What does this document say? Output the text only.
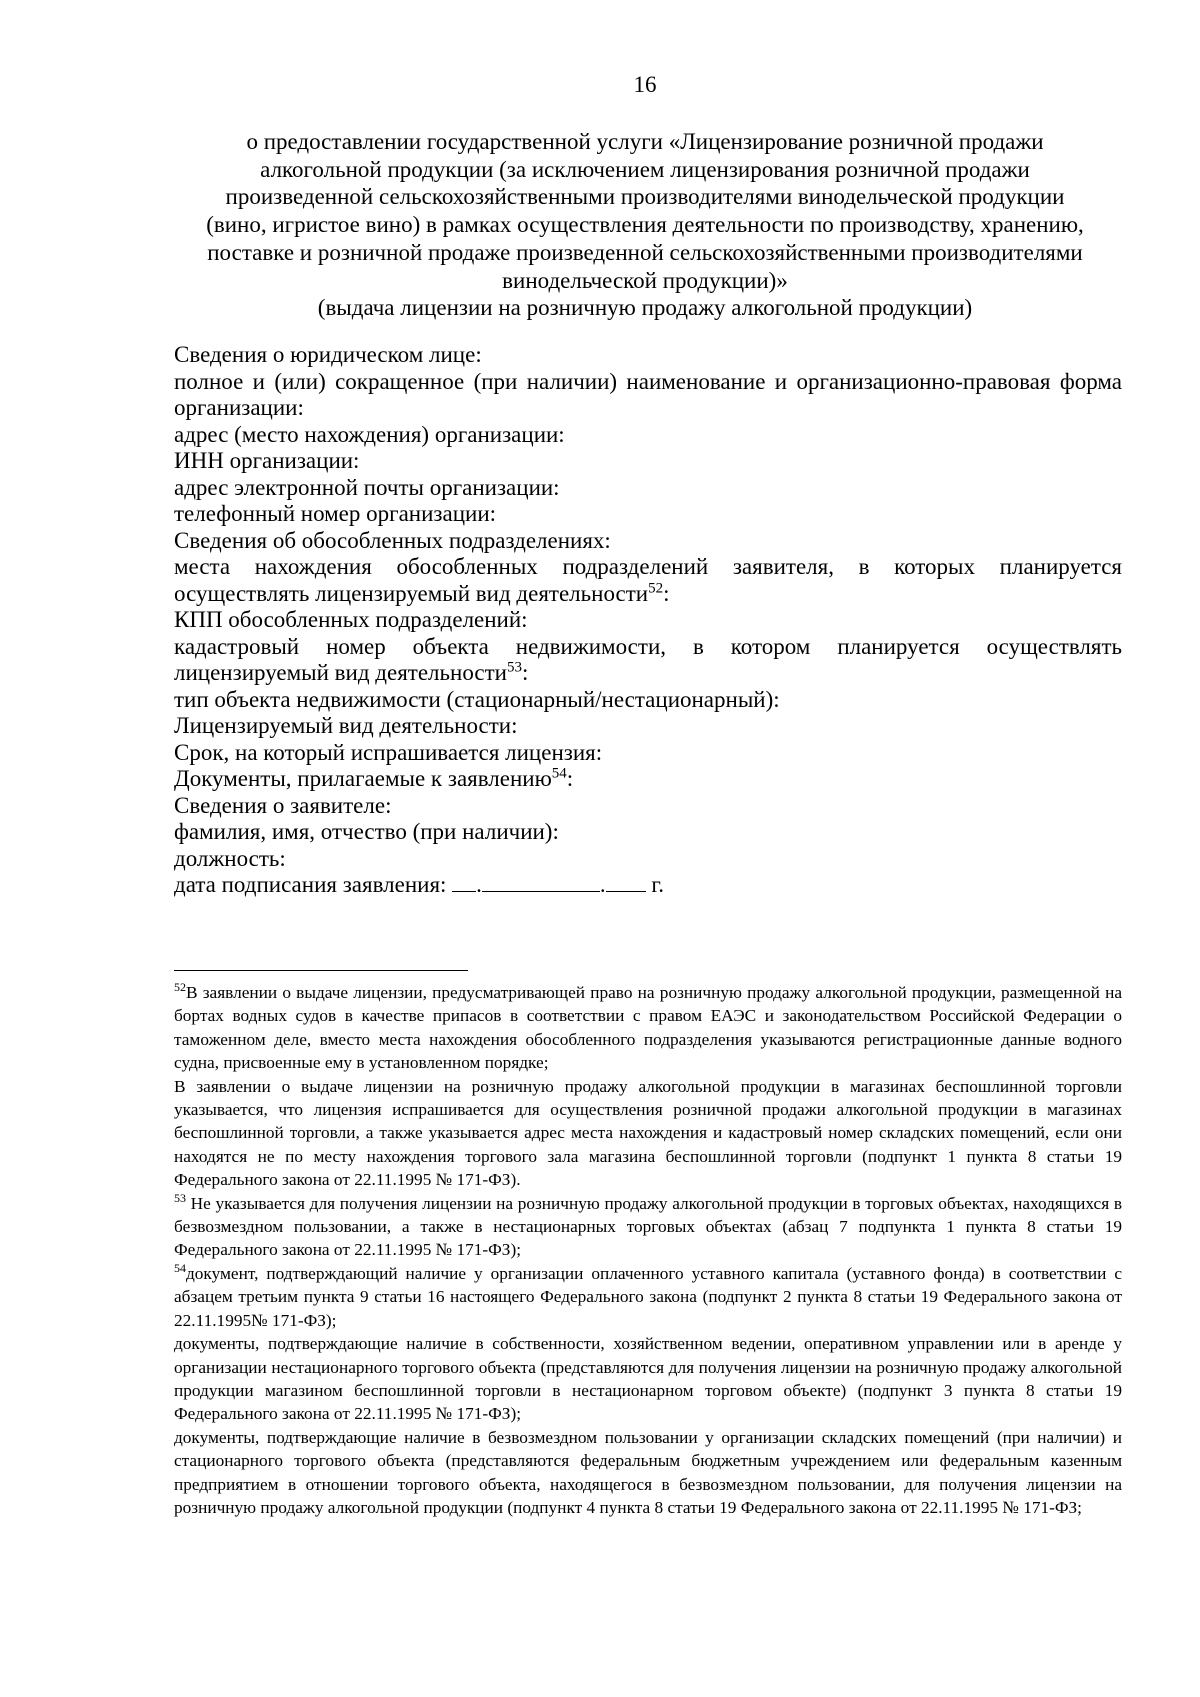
16
о предоставлении государственной услуги «Лицензирование розничной продажи
алкогольной продукции (за исключением лицензирования розничной продажи
произведенной сельскохозяйственными производителями винодельческой продукции
(вино, игристое вино) в рамках осуществления деятельности по производству, хранению,
поставке и розничной продаже произведенной сельскохозяйственными производителями
винодельческой продукции)»
(выдача лицензии на розничную продажу алкогольной продукции)
Сведения о юридическом лице:
полное и (или) сокращенное (при наличии) наименование и организационно-правовая форма организации:
адрес (место нахождения) организации:
ИНН организации:
адрес электронной почты организации:
телефонный номер организации:
Сведения об обособленных подразделениях:
места нахождения обособленных подразделений заявителя, в которых планируется осуществлять лицензируемый вид деятельности$^{52}$:
КПП обособленных подразделений:
кадастровый номер объекта недвижимости, в котором планируется осуществлять лицензируемый вид деятельности$^{53}$:
тип объекта недвижимости (стационарный/нестационарный):
Лицензируемый вид деятельности:
Срок, на который испрашивается лицензия:
Документы, прилагаемые к заявлению$^{54}$:
Сведения о заявителе:
фамилия, имя, отчество (при наличии):
должность:
дата подписания заявления: .	. г.

$^{52}$В заявлении о выдаче лицензии, предусматривающей право на розничную продажу алкогольной продукции, размещенной на бортах водных судов в качестве припасов в соответствии с правом ЕАЭС и законодательством Российской Федерации о таможенном деле, вместо места нахождения обособленного подразделения указываются регистрационные данные водного судна, присвоенные ему в установленном порядке;

В заявлении о выдаче лицензии на розничную продажу алкогольной продукции в магазинах беспошлинной торговли указывается, что лицензия испрашивается для осуществления розничной продажи алкогольной продукции в магазинах беспошлинной торговли, а также указывается адрес места нахождения и кадастровый номер складских помещений, если они находятся не по месту нахождения торгового зала магазина беспошлинной торговли (подпункт 1 пункта 8 статьи 19 Федерального закона от 22.11.1995 № 171-ФЗ).

$^{53}$ Не указывается для получения лицензии на розничную продажу алкогольной продукции в торговых объектах, находящихся в безвозмездном пользовании, а также в нестационарных торговых объектах (абзац 7 подпункта 1 пункта 8 статьи 19 Федерального закона от 22.11.1995 № 171-ФЗ);

$^{54}$документ, подтверждающий наличие у организации оплаченного уставного капитала (уставного фонда) в соответствии с абзацем третьим пункта 9 статьи 16 настоящего Федерального закона (подпункт 2 пункта 8 статьи 19 Федерального закона от 22.11.1995№ 171-ФЗ);

документы, подтверждающие наличие в собственности, хозяйственном ведении, оперативном управлении или в аренде у организации нестационарного торгового объекта (представляются для получения лицензии на розничную продажу алкогольной продукции магазином беспошлинной торговли в нестационарном торговом объекте) (подпункт 3 пункта 8 статьи 19 Федерального закона от 22.11.1995 № 171-ФЗ);

документы, подтверждающие наличие в безвозмездном пользовании у организации складских помещений (при наличии) и стационарного торгового объекта (представляются федеральным бюджетным учреждением или федеральным казенным предприятием в отношении торгового объекта, находящегося в безвозмездном пользовании, для получения лицензии на розничную продажу алкогольной продукции (подпункт 4 пункта 8 статьи 19 Федерального закона от 22.11.1995 № 171-ФЗ;
